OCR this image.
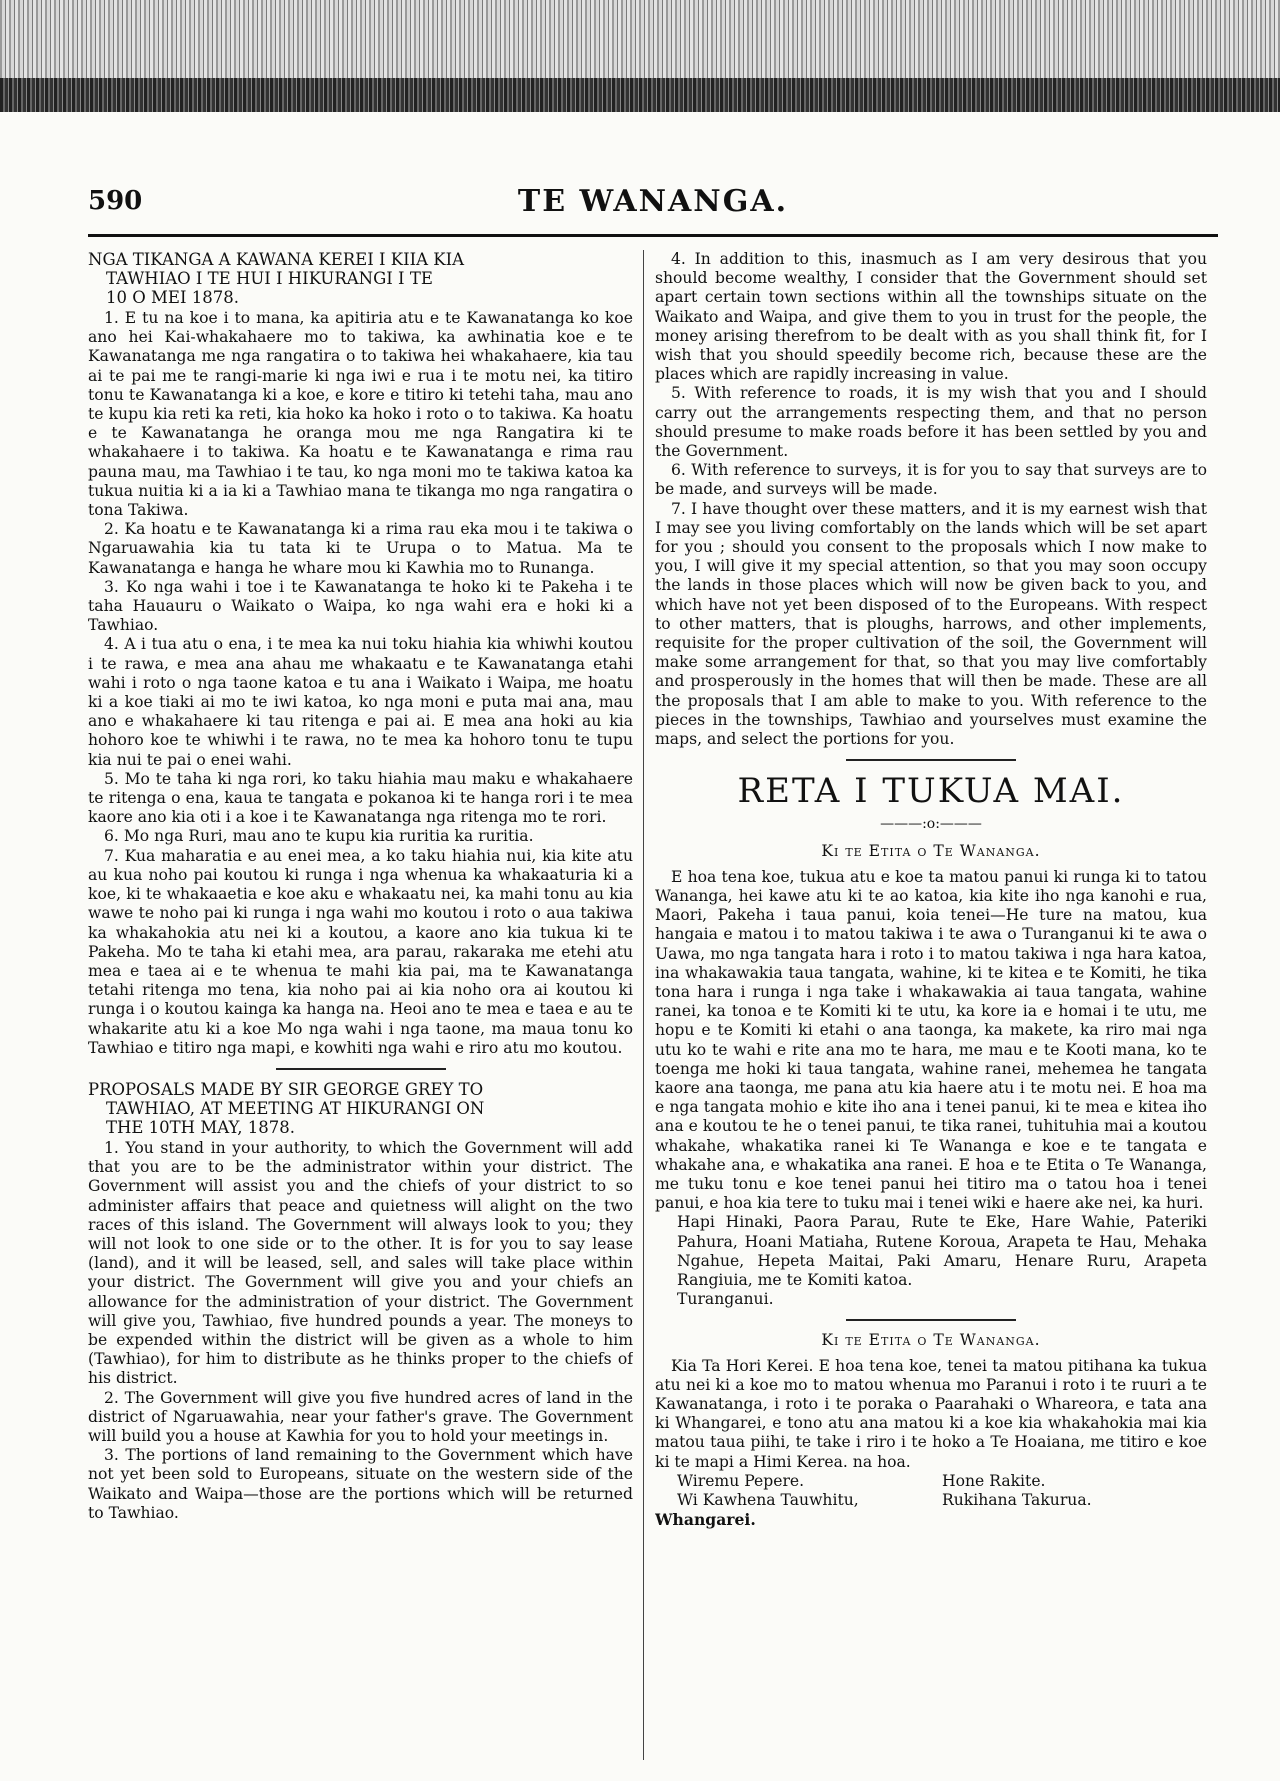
590	TE WANANGA.
NGA TIKANGA A KAWANA KEREI I KIIA KIA
TAWHIAO I TE HUI I HIKURANGI I TE
10 O MEI 1878.

1. E tu na koe i to mana, ka apitiria atu e te Kawanatanga ko koe ano hei Kai-whakahaere mo to takiwa, ka awhinatia koe e te Kawanatanga me nga rangatira o to takiwa hei whakahaere, kia tau ai te pai me te rangi-marie ki nga iwi e rua i te motu nei, ka titiro tonu te Kawanatanga ki a koe, e kore e titiro ki tetehi taha, mau ano te kupu kia reti ka reti, kia hoko ka hoko i roto o to takiwa. Ka hoatu e te Kawanatanga he oranga mou me nga Rangatira ki te whakahaere i to takiwa. Ka hoatu e te Kawanatanga e rima rau pauna mau, ma Tawhiao i te tau, ko nga moni mo te takiwa katoa ka tukua nuitia ki a ia ki a Tawhiao mana te tikanga mo nga rangatira o tona Takiwa.

2. Ka hoatu e te Kawanatanga ki a rima rau eka mou i te takiwa o Ngaruawahia kia tu tata ki te Urupa o to Matua. Ma te Kawanatanga e hanga he whare mou ki Kawhia mo to Runanga.

3. Ko nga wahi i toe i te Kawanatanga te hoko ki te Pakeha i te taha Hauauru o Waikato o Waipa, ko nga wahi era e hoki ki a Tawhiao.

4. A i tua atu o ena, i te mea ka nui toku hiahia kia whiwhi koutou i te rawa, e mea ana ahau me whakaatu e te Kawanatanga etahi wahi i roto o nga taone katoa e tu ana i Waikato i Waipa, me hoatu ki a koe tiaki ai mo te iwi katoa, ko nga moni e puta mai ana, mau ano e whakahaere ki tau ritenga e pai ai. E mea ana hoki au kia hohoro koe te whiwhi i te rawa, no te mea ka hohoro tonu te tupu kia nui te pai o enei wahi.

5. Mo te taha ki nga rori, ko taku hiahia mau maku e whakahaere te ritenga o ena, kaua te tangata e pokanoa ki te hanga rori i te mea kaore ano kia oti i a koe i te Kawanatanga nga ritenga mo te rori.

6. Mo nga Ruri, mau ano te kupu kia ruritia ka ruritia.

7. Kua maharatia e au enei mea, a ko taku hiahia nui, kia kite atu au kua noho pai koutou ki runga i nga whenua ka whakaaturia ki a koe, ki te whakaaetia e koe aku e whakaatu nei, ka mahi tonu au kia wawe te noho pai ki runga i nga wahi mo koutou i roto o aua takiwa ka whakahokia atu nei ki a koutou, a kaore ano kia tukua ki te Pakeha. Mo te taha ki etahi mea, ara parau, rakaraka me etehi atu mea e taea ai e te whenua te mahi kia pai, ma te Kawanatanga tetahi ritenga mo tena, kia noho pai ai kia noho ora ai koutou ki runga i o koutou kainga ka hanga na. Heoi ano te mea e taea e au te whakarite atu ki a koe Mo nga wahi i nga taone, ma maua tonu ko Tawhiao e titiro nga mapi, e kowhiti nga wahi e riro atu mo koutou.

PROPOSALS MADE BY SIR GEORGE GREY TO
TAWHIAO, AT MEETING AT HIKURANGI ON
THE 10TH MAY, 1878.

1. You stand in your authority, to which the Government will add that you are to be the administrator within your district. The Government will assist you and the chiefs of your district to so administer affairs that peace and quietness will alight on the two races of this island. The Government will always look to you; they will not look to one side or to the other. It is for you to say lease (land), and it will be leased, sell, and sales will take place within your district. The Government will give you and your chiefs an allowance for the administration of your district. The Government will give you, Tawhiao, five hundred pounds a year. The moneys to be expended within the district will be given as a whole to him (Tawhiao), for him to distribute as he thinks proper to the chiefs of his district.

2. The Government will give you five hundred acres of land in the district of Ngaruawahia, near your father's grave. The Government will build you a house at Kawhia for you to hold your meetings in.

3. The portions of land remaining to the Government which have not yet been sold to Europeans, situate on the western side of the Waikato and Waipa—those are the portions which will be returned to Tawhiao.

4. In addition to this, inasmuch as I am very desirous that you should become wealthy, I consider that the Government should set apart certain town sections within all the townships situate on the Waikato and Waipa, and give them to you in trust for the people, the money arising therefrom to be dealt with as you shall think fit, for I wish that you should speedily become rich, because these are the places which are rapidly increasing in value.

5. With reference to roads, it is my wish that you and I should carry out the arrangements respecting them, and that no person should presume to make roads before it has been settled by you and the Government.

6. With reference to surveys, it is for you to say that surveys are to be made, and surveys will be made.

7. I have thought over these matters, and it is my earnest wish that I may see you living comfortably on the lands which will be set apart for you ; should you consent to the proposals which I now make to you, I will give it my special attention, so that you may soon occupy the lands in those places which will now be given back to you, and which have not yet been disposed of to the Europeans. With respect to other matters, that is ploughs, harrows, and other implements, requisite for the proper cultivation of the soil, the Government will make some arrangement for that, so that you may live comfortably and prosperously in the homes that will then be made. These are all the proposals that I am able to make to you. With reference to the pieces in the townships, Tawhiao and yourselves must examine the maps, and select the portions for you.

RETA I TUKUA MAI.
———:o:———
Ki te Etita o Te Wananga.

E hoa tena koe, tukua atu e koe ta matou panui ki runga ki to tatou Wananga, hei kawe atu ki te ao katoa, kia kite iho nga kanohi e rua, Maori, Pakeha i taua panui, koia tenei—He ture na matou, kua hangaia e matou i to matou takiwa i te awa o Turanganui ki te awa o Uawa, mo nga tangata hara i roto i to matou takiwa i nga hara katoa, ina whakawakia taua tangata, wahine, ki te kitea e te Komiti, he tika tona hara i runga i nga take i whakawakia ai taua tangata, wahine ranei, ka tonoa e te Komiti ki te utu, ka kore ia e homai i te utu, me hopu e te Komiti ki etahi o ana taonga, ka makete, ka riro mai nga utu ko te wahi e rite ana mo te hara, me mau e te Kooti mana, ko te toenga me hoki ki taua tangata, wahine ranei, mehemea he tangata kaore ana taonga, me pana atu kia haere atu i te motu nei. E hoa ma e nga tangata mohio e kite iho ana i tenei panui, ki te mea e kitea iho ana e koutou te he o tenei panui, te tika ranei, tuhituhia mai a koutou whakahe, whakatika ranei ki Te Wananga e koe e te tangata e whakahe ana, e whakatika ana ranei. E hoa e te Etita o Te Wananga, me tuku tonu e koe tenei panui hei titiro ma o tatou hoa i tenei panui, e hoa kia tere to tuku mai i tenei wiki e haere ake nei, ka huri.

Hapi Hinaki, Paora Parau, Rute te Eke, Hare Wahie, Pateriki Pahura, Hoani Matiaha, Rutene Koroua, Arapeta te Hau, Mehaka Ngahue, Hepeta Maitai, Paki Amaru, Henare Ruru, Arapeta Rangiuia, me te Komiti katoa.

Turanganui.

Ki te Etita o Te Wananga.

Kia Ta Hori Kerei. E hoa tena koe, tenei ta matou pitihana ka tukua atu nei ki a koe mo to matou whenua mo Paranui i roto i te ruuri a te Kawanatanga, i roto i te poraka o Paarahaki o Whareora, e tata ana ki Whangarei, e tono atu ana matou ki a koe kia whakahokia mai kia matou taua piihi, te take i riro i te hoko a Te Hoaiana, me titiro e koe ki te mapi a Himi Kerea. na hoa.

Wiremu Pepere.	Hone Rakite.
Wi Kawhena Tauwhitu,	Rukihana Takurua.

Whangarei.
